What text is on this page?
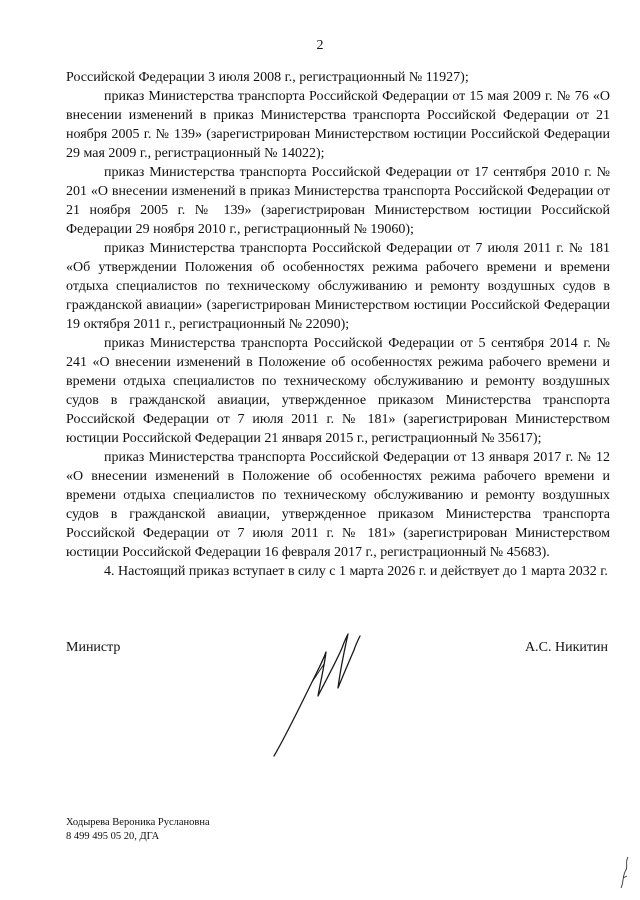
2

Российской Федерации 3 июля 2008 г., регистрационный № 11927);

приказ Министерства транспорта Российской Федерации от 15 мая 2009 г. № 76 «О внесении изменений в приказ Министерства транспорта Российской Федерации от 21 ноября 2005 г. № 139» (зарегистрирован Министерством юстиции Российской Федерации 29 мая 2009 г., регистрационный № 14022);

приказ Министерства транспорта Российской Федерации от 17 сентября 2010 г. № 201 «О внесении изменений в приказ Министерства транспорта Российской Федерации от 21 ноября 2005 г. № 139» (зарегистрирован Министерством юстиции Российской Федерации 29 ноября 2010 г., регистрационный № 19060);

приказ Министерства транспорта Российской Федерации от 7 июля 2011 г. № 181 «Об утверждении Положения об особенностях режима рабочего времени и времени отдыха специалистов по техническому обслуживанию и ремонту воздушных судов в гражданской авиации» (зарегистрирован Министерством юстиции Российской Федерации 19 октября 2011 г., регистрационный № 22090);

приказ Министерства транспорта Российской Федерации от 5 сентября 2014 г. № 241 «О внесении изменений в Положение об особенностях режима рабочего времени и времени отдыха специалистов по техническому обслуживанию и ремонту воздушных судов в гражданской авиации, утвержденное приказом Министерства транспорта Российской Федерации от 7 июля 2011 г. № 181» (зарегистрирован Министерством юстиции Российской Федерации 21 января 2015 г., регистрационный № 35617);

приказ Министерства транспорта Российской Федерации от 13 января 2017 г. № 12 «О внесении изменений в Положение об особенностях режима рабочего времени и времени отдыха специалистов по техническому обслуживанию и ремонту воздушных судов в гражданской авиации, утвержденное приказом Министерства транспорта Российской Федерации от 7 июля 2011 г. № 181» (зарегистрирован Министерством юстиции Российской Федерации 16 февраля 2017 г., регистрационный № 45683).

4. Настоящий приказ вступает в силу с 1 марта 2026 г. и действует до 1 марта 2032 г.

Министр	А.С. Никитин
Ходырева Вероника Руслановна
8 499 495 05 20, ДГА
